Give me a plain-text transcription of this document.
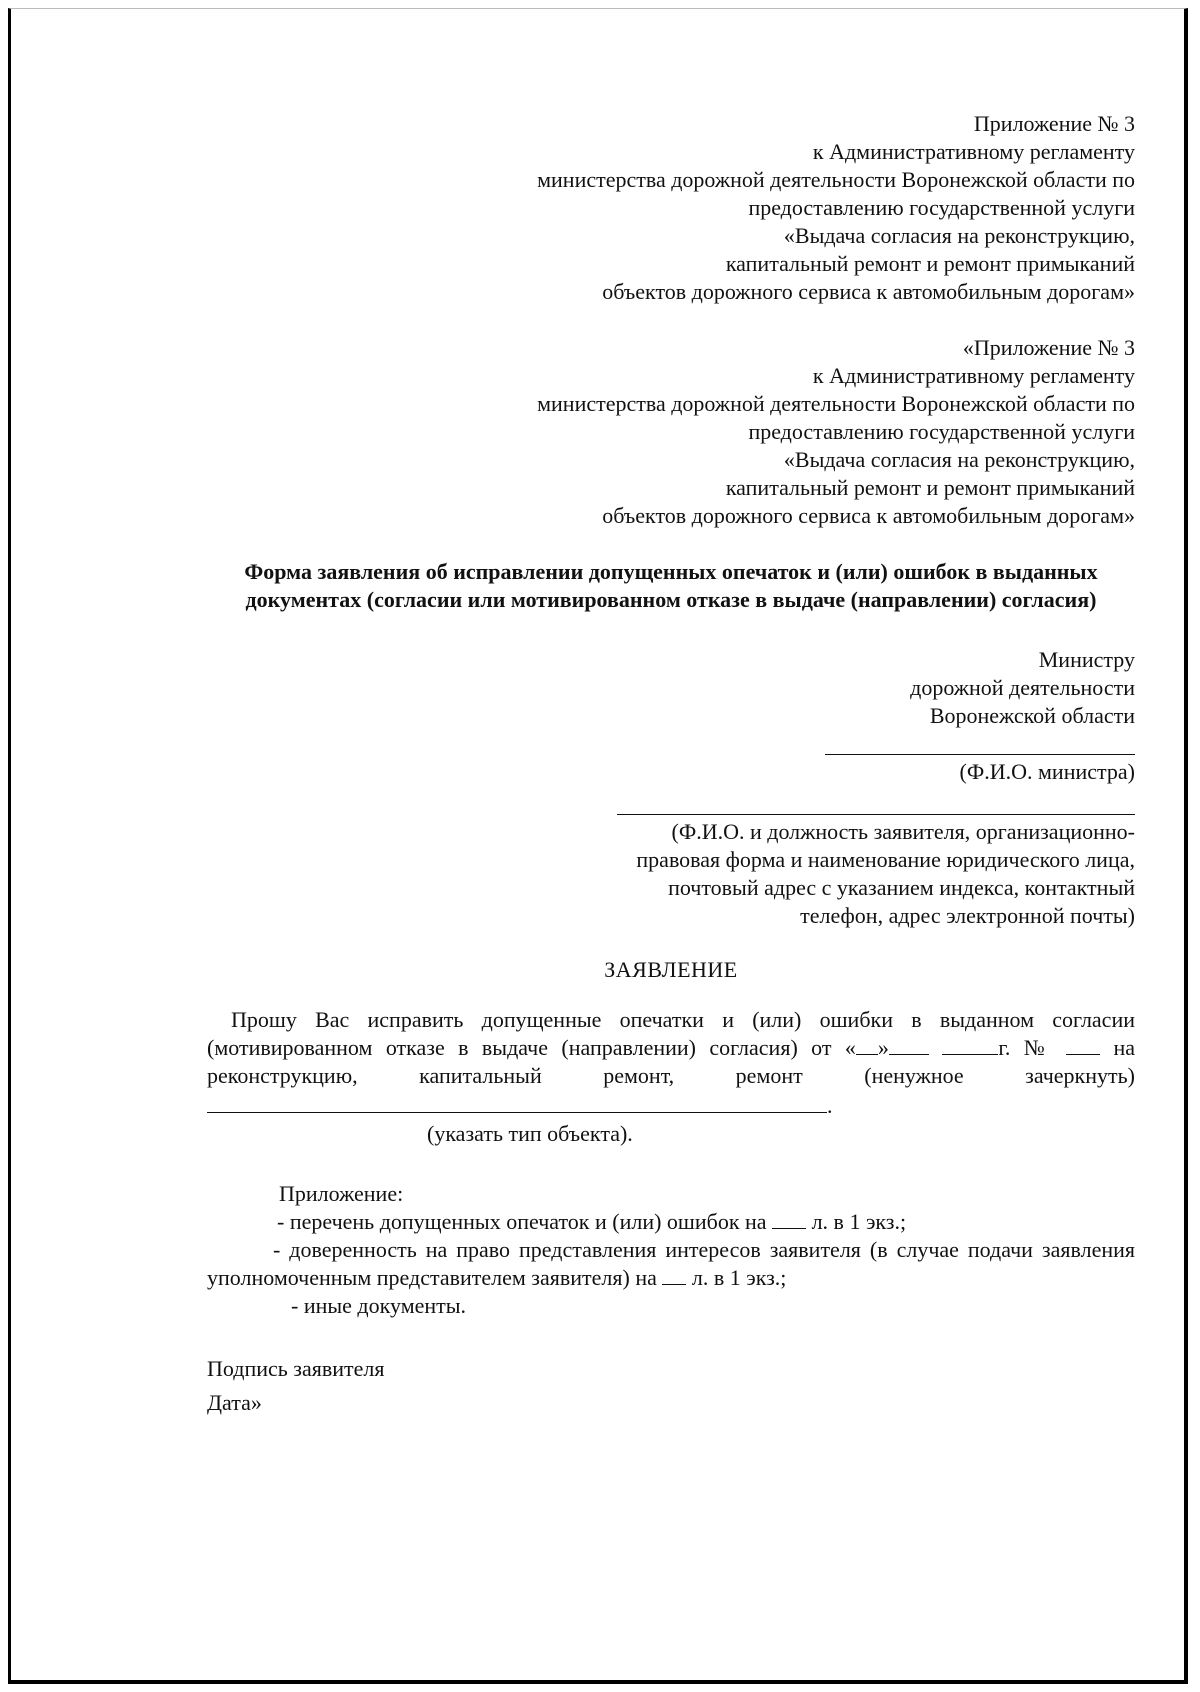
Приложение № 3
к Административному регламенту
министерства дорожной деятельности Воронежской области по
предоставлению государственной услуги
«Выдача согласия на реконструкцию,
капитальный ремонт и ремонт примыканий
объектов дорожного сервиса к автомобильным дорогам»
«Приложение № 3
к Административному регламенту
министерства дорожной деятельности Воронежской области по
предоставлению государственной услуги
«Выдача согласия на реконструкцию,
капитальный ремонт и ремонт примыканий
объектов дорожного сервиса к автомобильным дорогам»
Форма заявления об исправлении допущенных опечаток и (или) ошибок в выданных
документах (согласии или мотивированном отказе в выдаче (направлении) согласия)
Министру
дорожной деятельности
Воронежской области
(Ф.И.О. министра)
(Ф.И.О. и должность заявителя, организационно-
правовая форма и наименование юридического лица,
почтовый адрес с указанием индекса, контактный
телефон, адрес электронной почты)
ЗАЯВЛЕНИЕ
Прошу Вас исправить допущенные опечатки и (или) ошибки в выданном согласии
(мотивированном отказе в выдаче (направлении) согласия) от « »	г. №	на
реконструкцию, капитальный ремонт, ремонт (ненужное зачеркнуть)
.
(указать тип объекта).
Приложение:
- перечень допущенных опечаток и (или) ошибок на л. в 1 экз.;
- доверенность на право представления интересов заявителя (в случае подачи заявления уполномоченным представителем заявителя) на л. в 1 экз.;
- иные документы.
Подпись заявителя
Дата»
